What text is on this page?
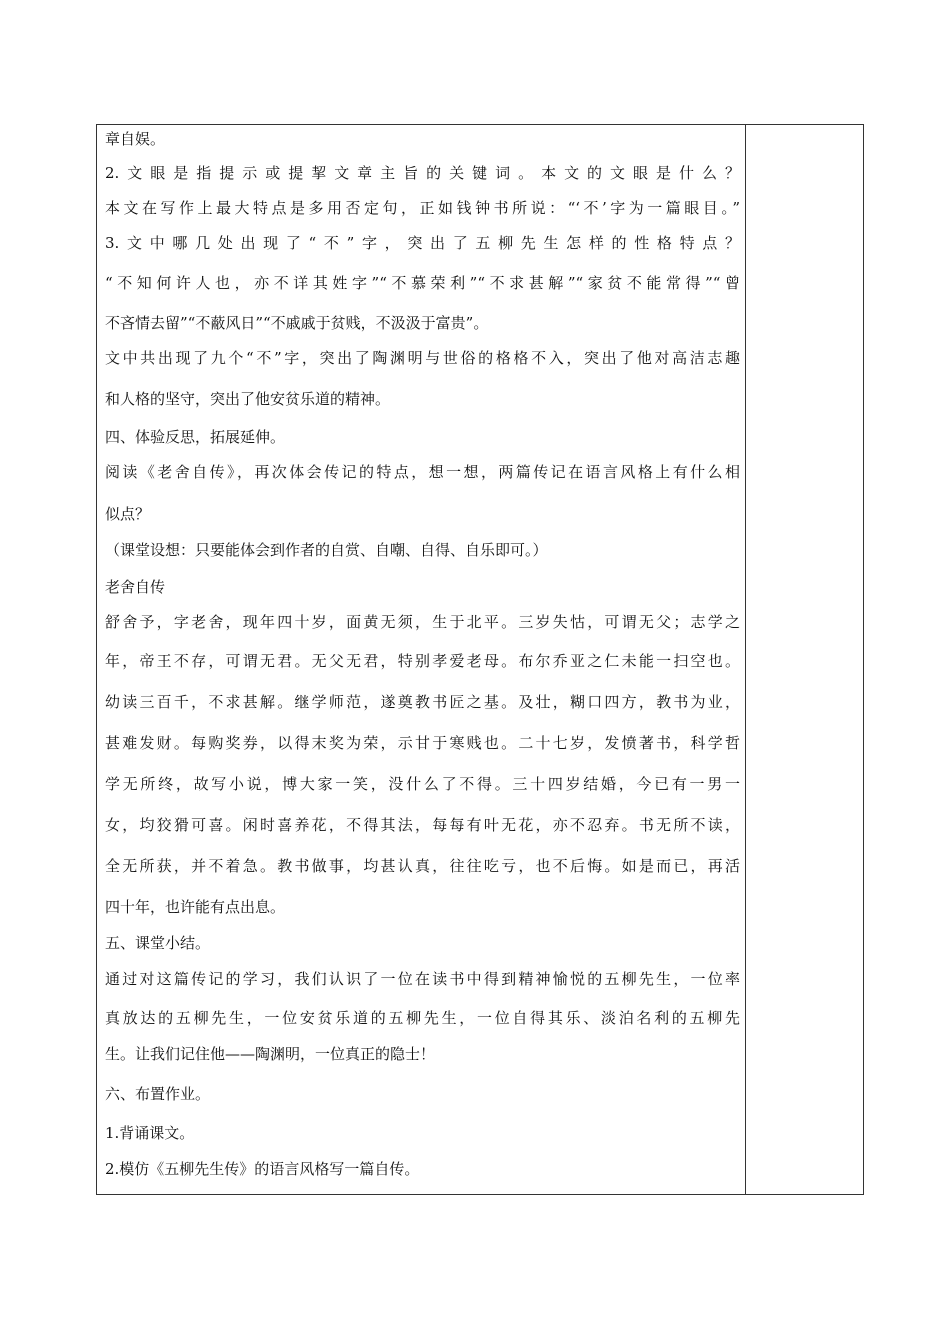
章自娱。
2.文眼是指提示或提挈文章主旨的关键词。本文的文眼是什么？
本文在写作上最大特点是多用否定句，正如钱钟书所说：“‘不’字为一篇眼目。”
3.文中哪几处出现了“不”字，突出了五柳先生怎样的性格特点？
“不知何许人也，亦不详其姓字”“不慕荣利”“不求甚解”“家贫不能常得”“曾
不吝情去留”“不蔽风日”“不戚戚于贫贱，不汲汲于富贵”。
文中共出现了九个“不”字，突出了陶渊明与世俗的格格不入，突出了他对高洁志趣
和人格的坚守，突出了他安贫乐道的精神。
四、体验反思，拓展延伸。
阅读《老舍自传》，再次体会传记的特点，想一想，两篇传记在语言风格上有什么相
似点？
（课堂设想：只要能体会到作者的自赏、自嘲、自得、自乐即可。）
老舍自传
舒舍予，字老舍，现年四十岁，面黄无须，生于北平。三岁失怙，可谓无父；志学之
年，帝王不存，可谓无君。无父无君，特别孝爱老母。布尔乔亚之仁未能一扫空也。
幼读三百千，不求甚解。继学师范，遂奠教书匠之基。及壮，糊口四方，教书为业，
甚难发财。每购奖券，以得末奖为荣，示甘于寒贱也。二十七岁，发愤著书，科学哲
学无所终，故写小说，博大家一笑，没什么了不得。三十四岁结婚，今已有一男一
女，均狡猾可喜。闲时喜养花，不得其法，每每有叶无花，亦不忍弃。书无所不读，
全无所获，并不着急。教书做事，均甚认真，往往吃亏，也不后悔。如是而已，再活
四十年，也许能有点出息。
五、课堂小结。
通过对这篇传记的学习，我们认识了一位在读书中得到精神愉悦的五柳先生，一位率
真放达的五柳先生，一位安贫乐道的五柳先生，一位自得其乐、淡泊名利的五柳先
生。让我们记住他——陶渊明，一位真正的隐士！
六、布置作业。
1.背诵课文。
2.模仿《五柳先生传》的语言风格写一篇自传。
